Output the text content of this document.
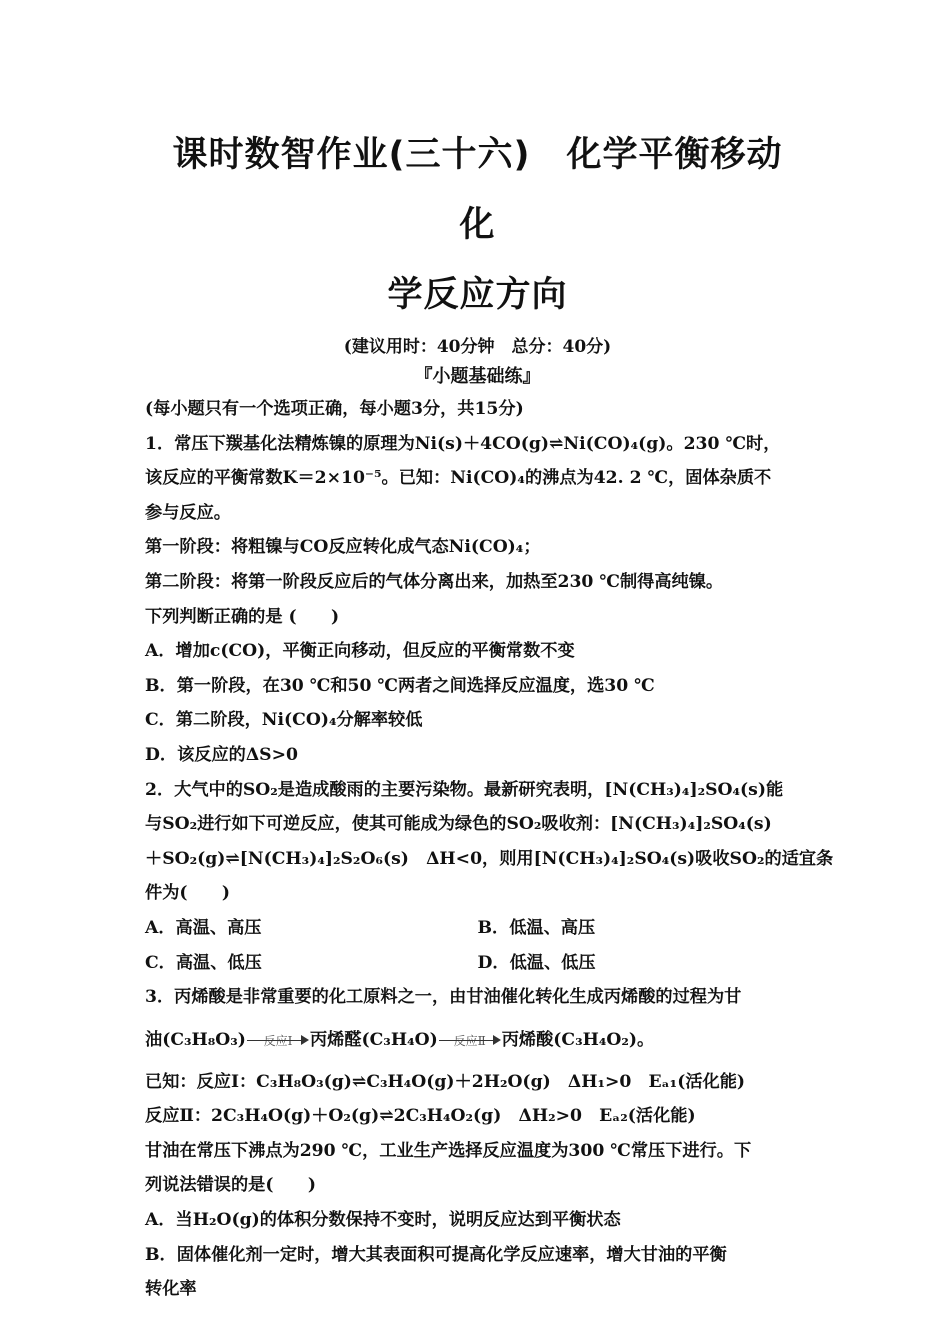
课时数智作业(三十六)　化学平衡移动　化
学反应方向
(建议用时：40分钟　总分：40分)
『小题基础练』
(每小题只有一个选项正确，每小题3分，共15分)
1．常压下羰基化法精炼镍的原理为Ni(s)＋4CO(g)⇌Ni(CO)₄(g)。230 ℃时，
该反应的平衡常数K＝2×10⁻⁵。已知：Ni(CO)₄的沸点为42. 2 ℃，固体杂质不
参与反应。
第一阶段：将粗镍与CO反应转化成气态Ni(CO)₄；
第二阶段：将第一阶段反应后的气体分离出来，加热至230 ℃制得高纯镍。
下列判断正确的是 (　　)
A．增加c(CO)，平衡正向移动，但反应的平衡常数不变
B．第一阶段，在30 ℃和50 ℃两者之间选择反应温度，选30 ℃
C．第二阶段，Ni(CO)₄分解率较低
D．该反应的ΔS>0
2．大气中的SO₂是造成酸雨的主要污染物。最新研究表明，[N(CH₃)₄]₂SO₄(s)能
与SO₂进行如下可逆反应，使其可能成为绿色的SO₂吸收剂：[N(CH₃)₄]₂SO₄(s)
＋SO₂(g)⇌[N(CH₃)₄]₂S₂O₆(s)　ΔH<0，则用[N(CH₃)₄]₂SO₄(s)吸收SO₂的适宜条
件为(　　)
A．高温、高压	B．低温、高压
C．高温、低压	D．低温、低压
3．丙烯酸是非常重要的化工原料之一，由甘油催化转化生成丙烯酸的过程为甘
油(C₃H₈O₃)	反应Ⅰ	丙烯醛(C₃H₄O)	反应Ⅱ 丙烯酸(C₃H₄O₂)。
已知：反应Ⅰ：C₃H₈O₃(g)⇌C₃H₄O(g)＋2H₂O(g)　ΔH₁>0　Eₐ₁(活化能)
反应Ⅱ：2C₃H₄O(g)＋O₂(g)⇌2C₃H₄O₂(g)　ΔH₂>0　Eₐ₂(活化能)
甘油在常压下沸点为290 ℃，工业生产选择反应温度为300 ℃常压下进行。下
列说法错误的是(　　)
A．当H₂O(g)的体积分数保持不变时，说明反应达到平衡状态
B．固体催化剂一定时，增大其表面积可提高化学反应速率，增大甘油的平衡
转化率
